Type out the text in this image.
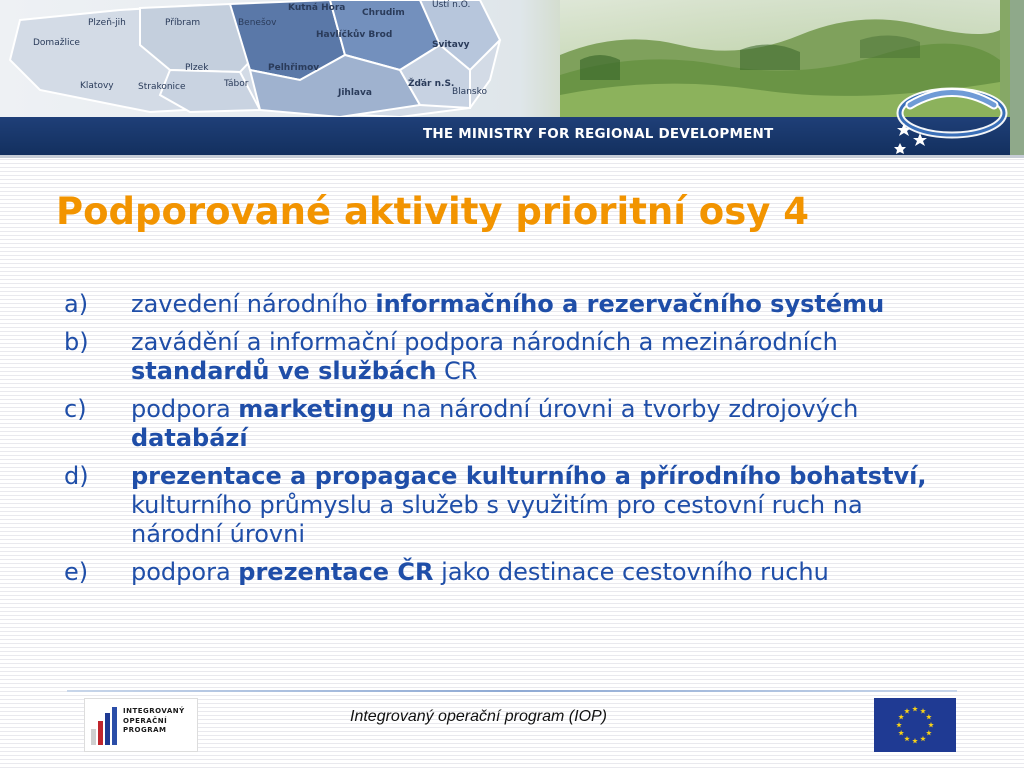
Plzeň-jih	Příbram	Benešov
Kutná Hora Chrudim
Ústí n.O.
Domažlice
Havlíčkův Brod
Svitavy
Plzek	Pelhřimov
Klatovy	Strakonice	Tábor
Jihlava
Žďár n.S.
Blansko
THE MINISTRY FOR REGIONAL DEVELOPMENT
Podporované aktivity prioritní osy 4
a)	zavedení národního informačního a rezervačního systému
b)	zavádění a informační podpora národních a mezinárodních standardů ve službách CR
c)	podpora marketingu na národní úrovni a tvorby zdrojových databází
d)	prezentace a propagace kulturního a přírodního bohatství, kulturního průmyslu a služeb s využitím pro cestovní ruch na národní úrovni
e)	podpora prezentace ČR jako destinace cestovního ruchu
INTEGROVANÝ
OPERAČNÍ
PROGRAM
Integrovaný operační program (IOP)
